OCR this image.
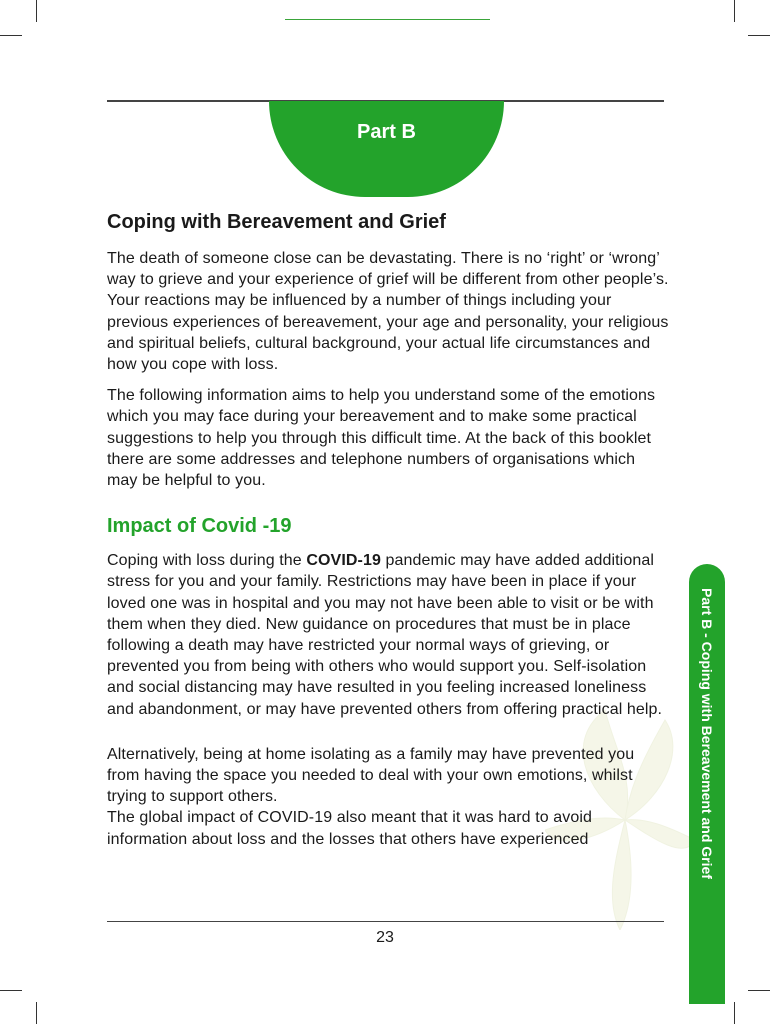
Part B
Coping with Bereavement and Grief

The death of someone close can be devastating. There is no ‘right’ or ‘wrong’ way to grieve and your experience of grief will be different from other people’s. Your reactions may be influenced by a number of things including your previous experiences of bereavement, your age and personality, your religious and spiritual beliefs, cultural background, your actual life circumstances and how you cope with loss.

The following information aims to help you understand some of the emotions which you may face during your bereavement and to make some practical suggestions to help you through this difficult time. At the back of this booklet there are some addresses and telephone numbers of organisations which may be helpful to you.

Impact of Covid -19

Coping with loss during the COVID-19 pandemic may have added additional stress for you and your family. Restrictions may have been in place if your loved one was in hospital and you may not have been able to visit or be with them when they died. New guidance on procedures that must be in place following a death may have restricted your normal ways of grieving, or prevented you from being with others who would support you. Self-isolation and social distancing may have resulted in you feeling increased loneliness and abandonment, or may have prevented others from offering practical help.

Alternatively, being at home isolating as a family may have prevented you from having the space you needed to deal with your own emotions, whilst trying to support others.

The global impact of COVID-19 also meant that it was hard to avoid information about loss and the losses that others have experienced

23
Part B - Coping with Bereavement and Grief
